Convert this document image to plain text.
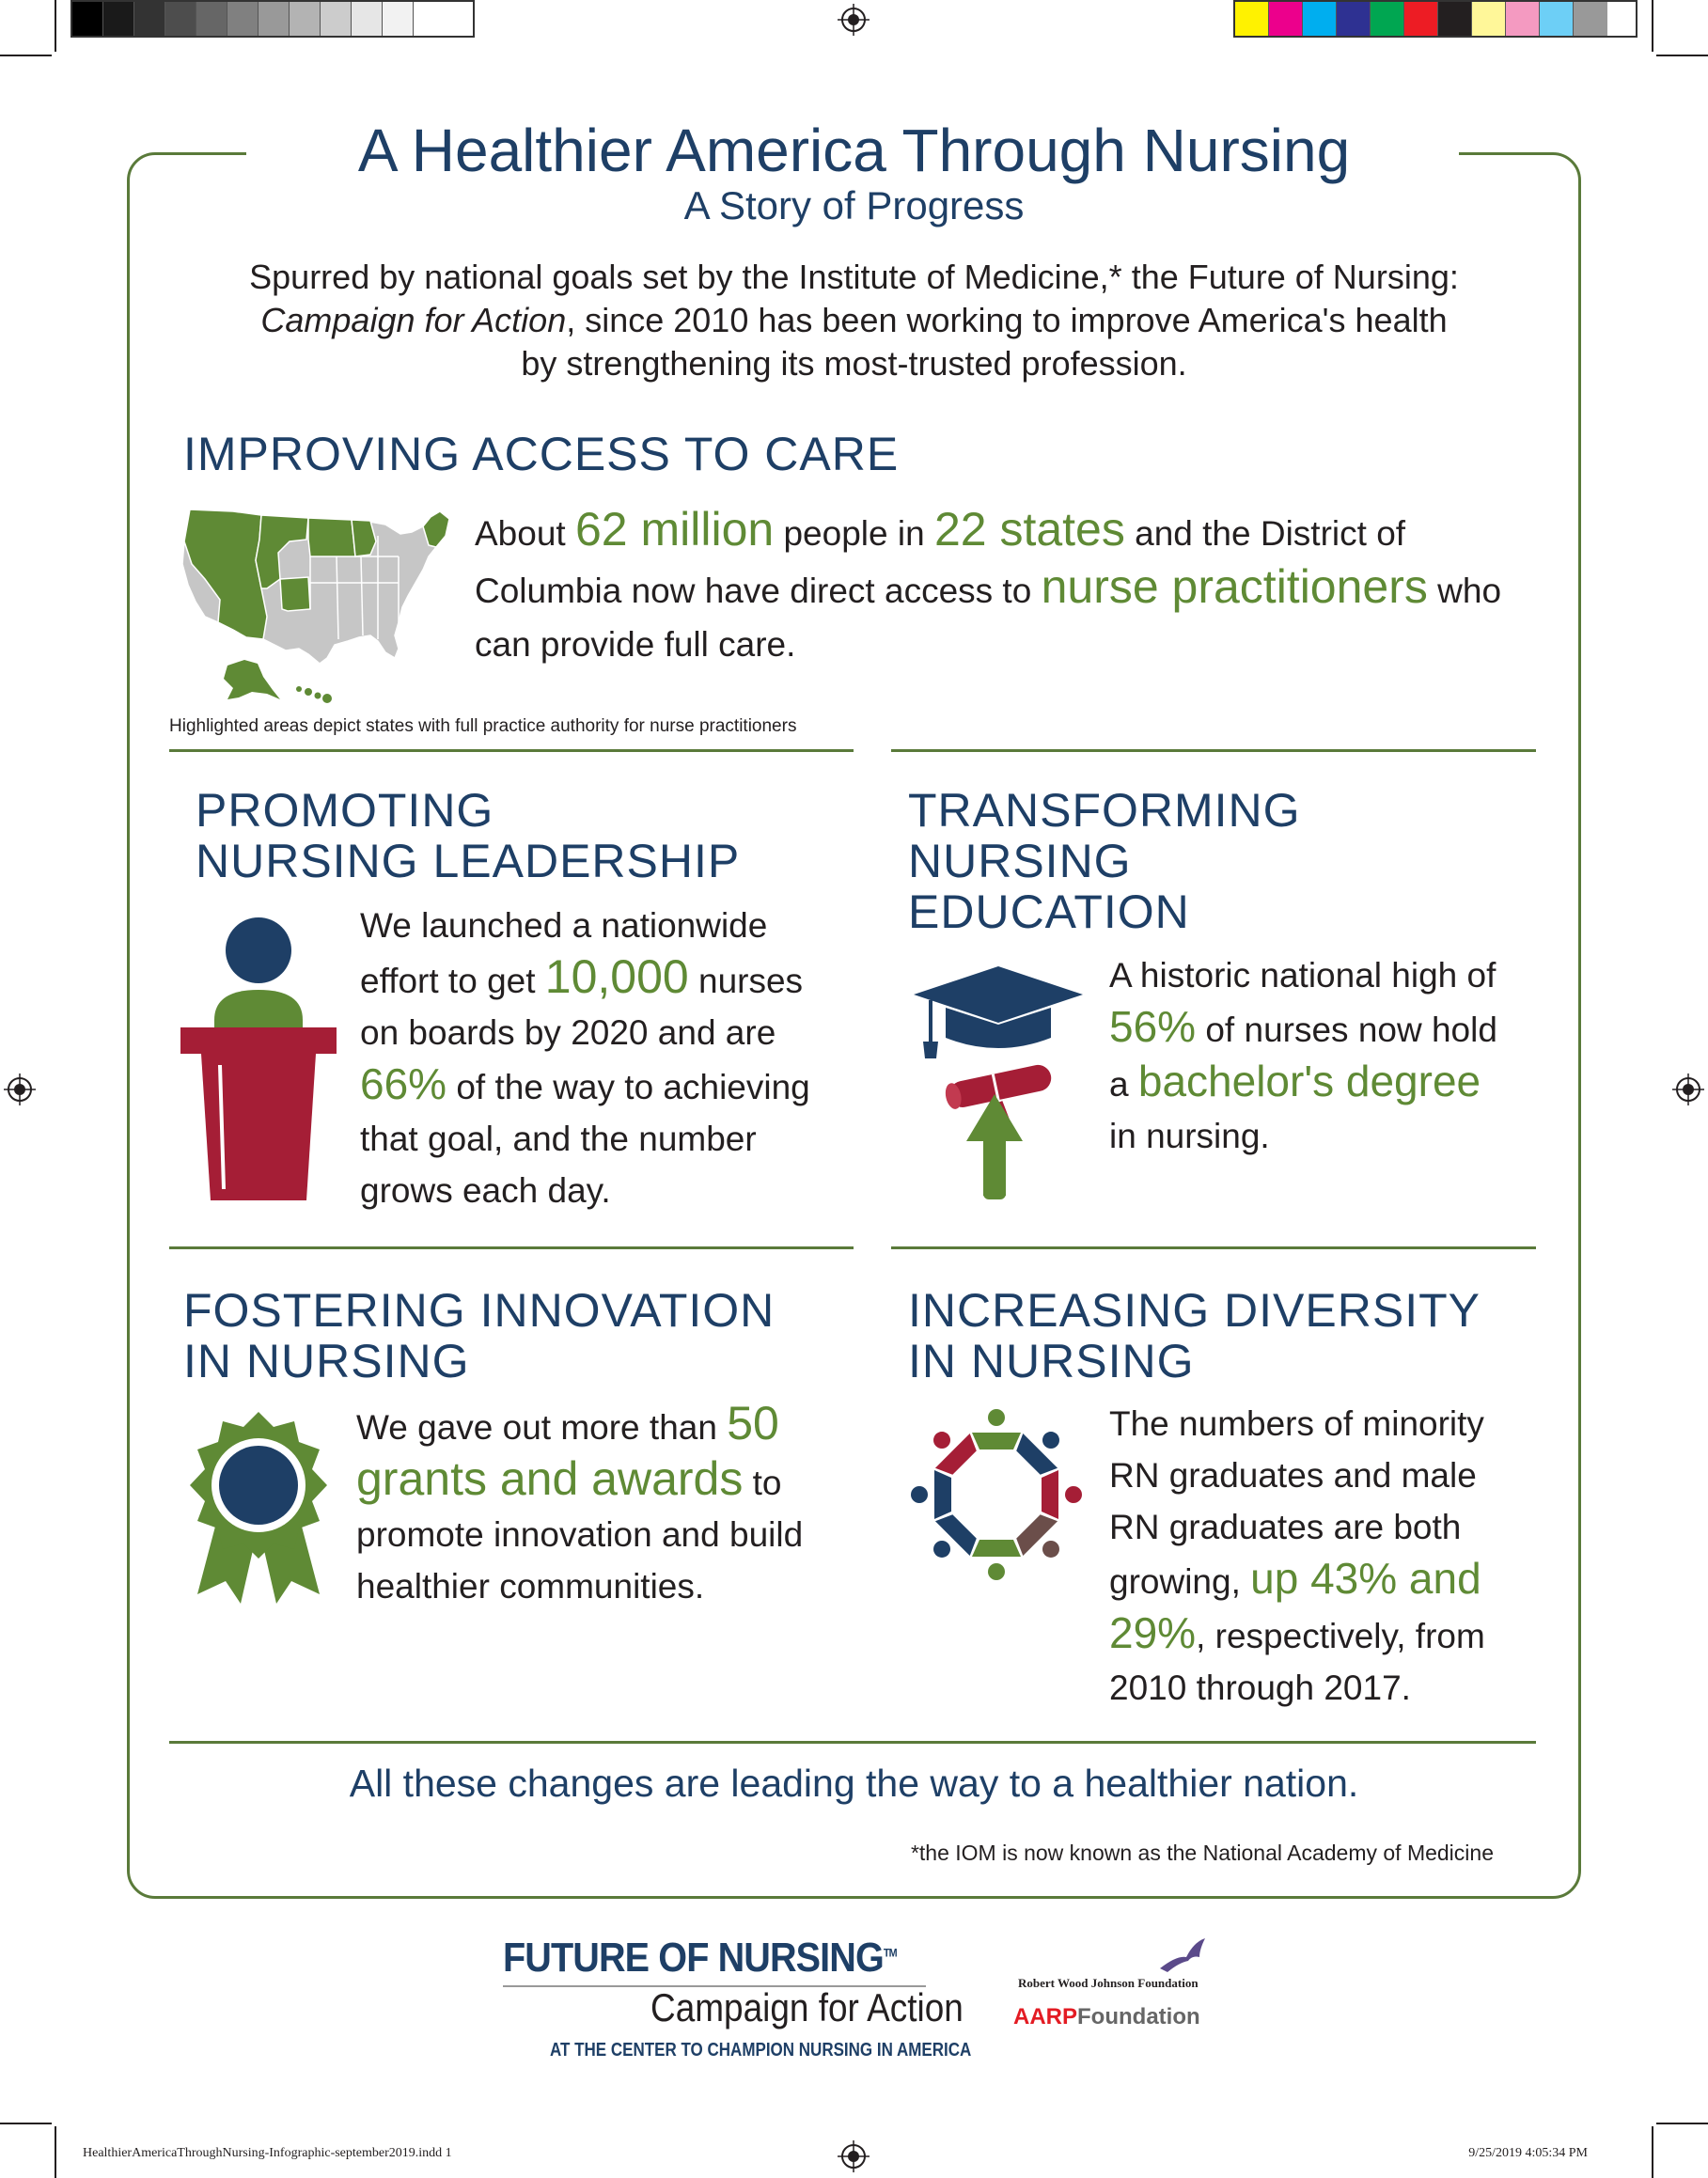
A Healthier America Through Nursing
A Story of Progress
Spurred by national goals set by the Institute of Medicine,* the Future of Nursing:
Campaign for Action, since 2010 has been working to improve America's health
by strengthening its most-trusted profession.
IMPROVING ACCESS TO CARE
About 62 million people in 22 states and the District of Columbia now have direct access to nurse practitioners who can provide full care.
Highlighted areas depict states with full practice authority for nurse practitioners
PROMOTING
NURSING LEADERSHIP
We launched a nationwide effort to get 10,000 nurses on boards by 2020 and are 66% of the way to achieving that goal, and the number grows each day.
TRANSFORMING
NURSING
EDUCATION
A historic national high of 56% of nurses now hold a bachelor's degree in nursing.
FOSTERING INNOVATION
IN NURSING
We gave out more than 50 grants and awards to promote innovation and build healthier communities.
INCREASING DIVERSITY
IN NURSING
The numbers of minority RN graduates and male RN graduates are both growing, up 43% and 29%, respectively, from 2010 through 2017.
All these changes are leading the way to a healthier nation.
*the IOM is now known as the National Academy of Medicine
FUTURE OF NURSING™
Campaign for Action
AT THE CENTER TO CHAMPION NURSING IN AMERICA
Robert Wood Johnson Foundation
AARPFoundation
HealthierAmericaThroughNursing-Infographic-september2019.indd 1	9/25/2019 4:05:34 PM
